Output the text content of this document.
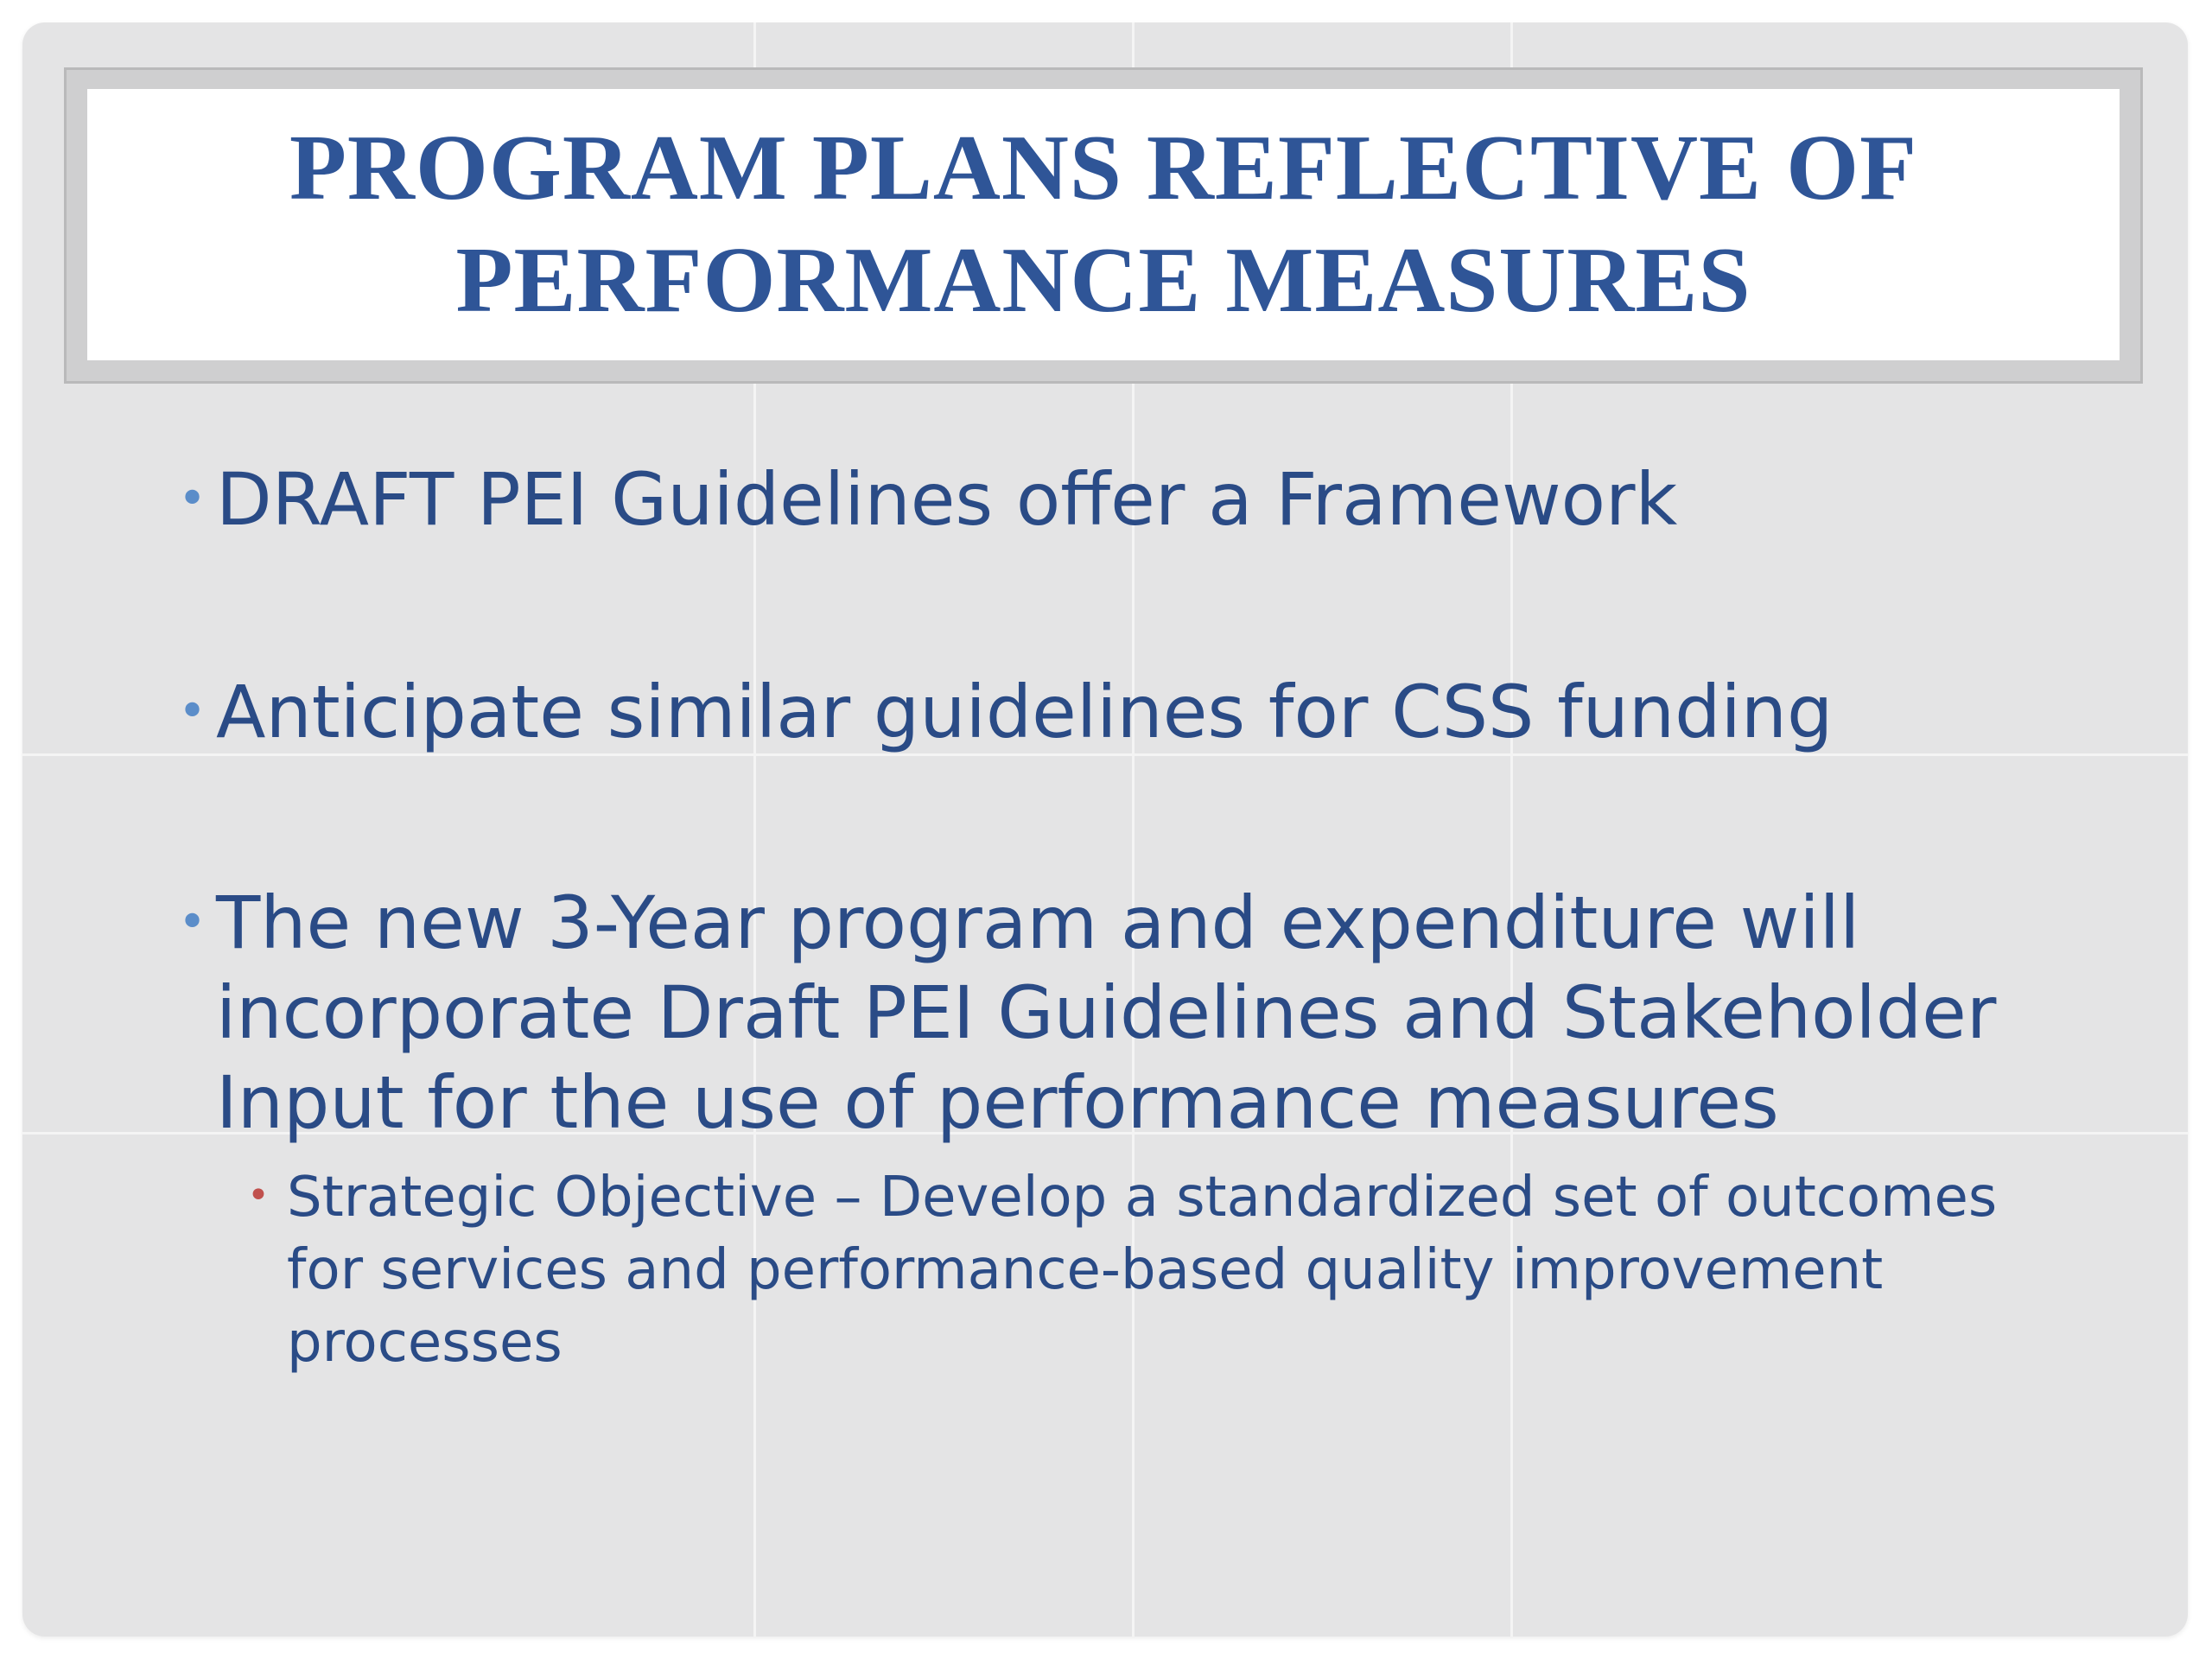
PROGRAM PLANS REFLECTIVE OF
PERFORMANCE MEASURES
• DRAFT PEI Guidelines offer a Framework
• Anticipate similar guidelines for CSS funding
• The new 3-Year program and expenditure will incorporate Draft PEI Guidelines and Stakeholder Input for the use of performance measures
• Strategic Objective – Develop a standardized set of outcomes for services and performance-based quality improvement processes
